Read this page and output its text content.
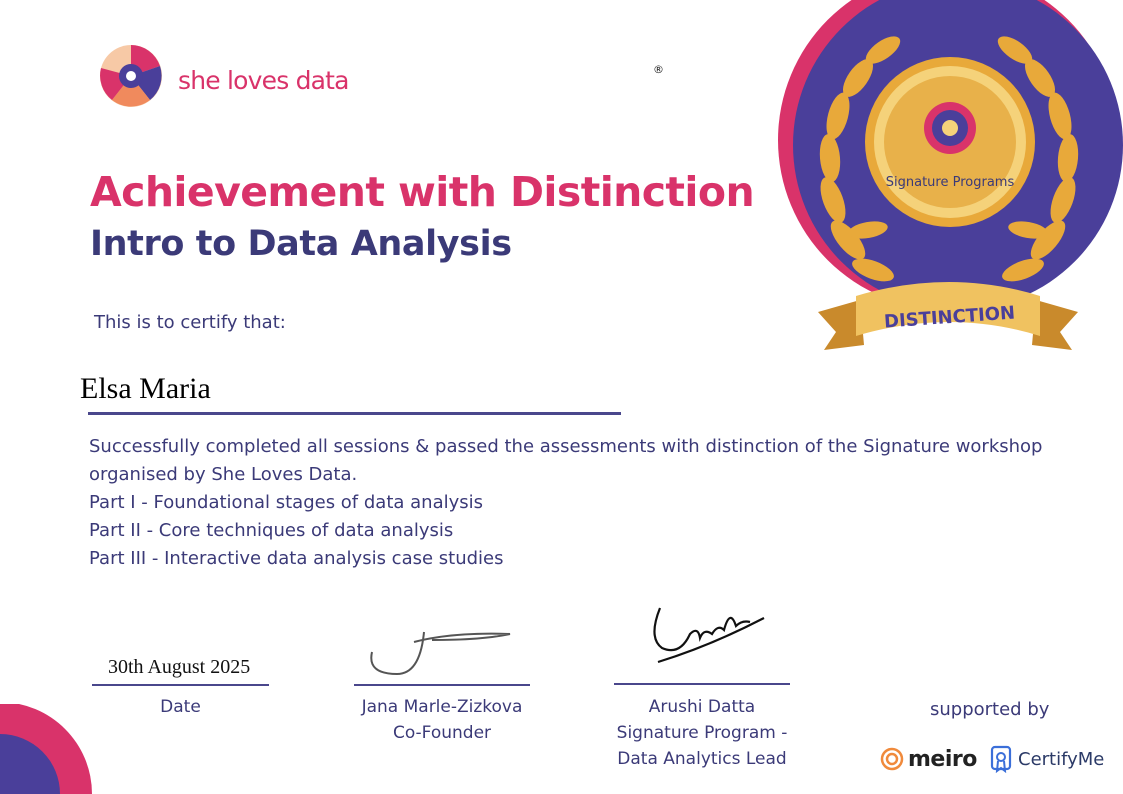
she loves data	®
Achievement with Distinction
Intro to Data Analysis
This is to certify that:
Elsa Maria
Successfully completed all sessions & passed the assessments with distinction of the Signature workshop
organised by She Loves Data.
Part I - Foundational stages of data analysis
Part II - Core techniques of data analysis
Part III - Interactive data analysis case studies
Signature Programs
DISTINCTION
30th August 2025
Date	Jana Marle-Zizkova
Co-Founder
Arushi Datta
Signature Program -
Data Analytics Lead
supported by
meiro CertifyMe
